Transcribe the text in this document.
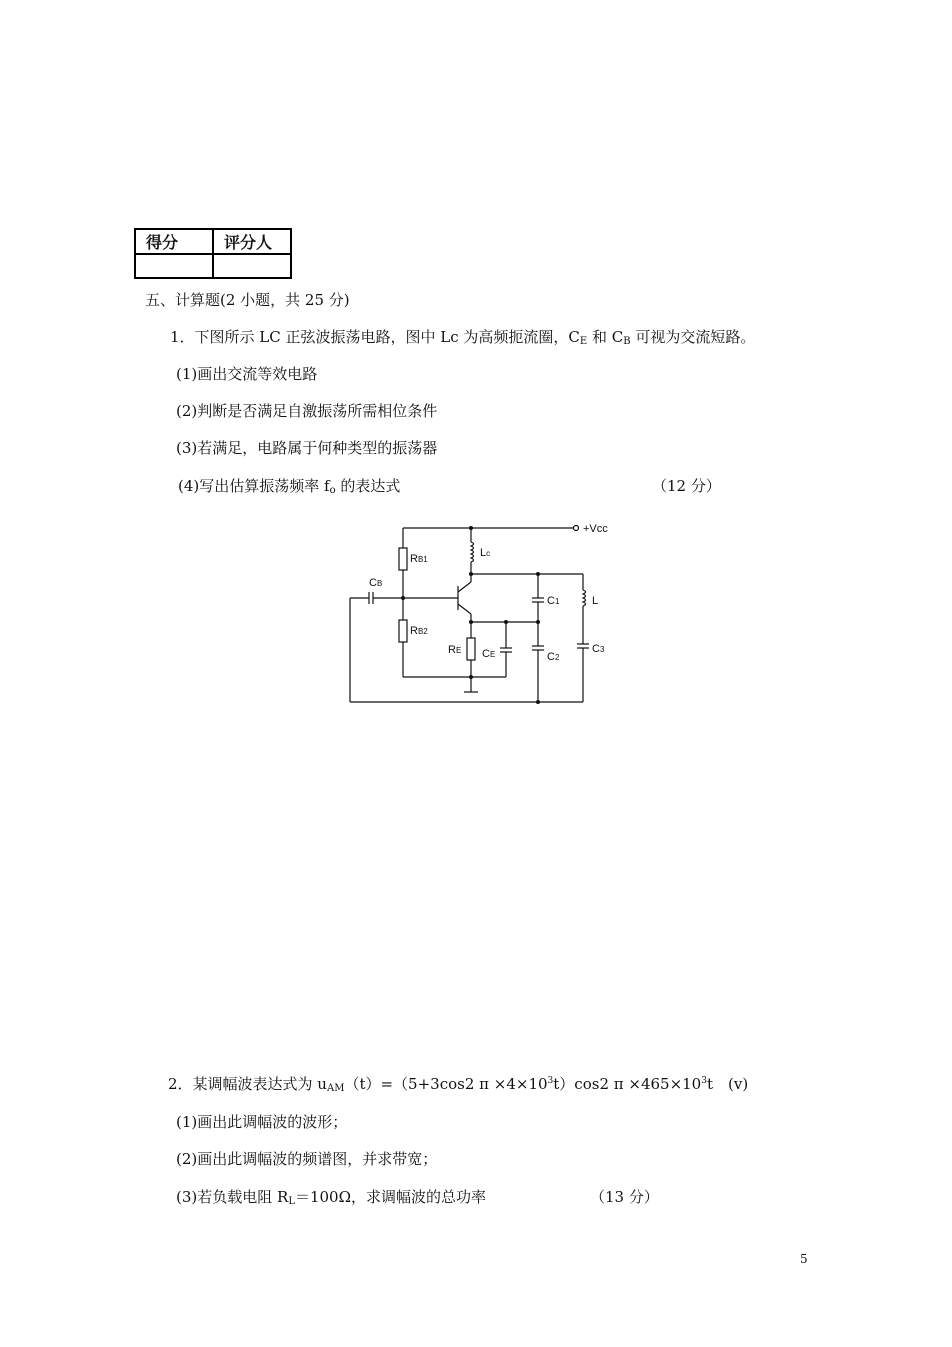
得分	评分人

五、计算题(2 小题，共 25 分)
1．下图所示 LC 正弦波振荡电路，图中 Lc 为高频扼流圈，$C_E$ 和 $C_B$ 可视为交流短路。
(1)画出交流等效电路
(2)判断是否满足自激振荡所需相位条件
(3)若满足，电路属于何种类型的振荡器
(4)写出估算振荡频率 $f_o$ 的表达式	（12 分）
+Vcc
RB1
Lc
CB
C1	L
RB2
RE CE	C2
C3
2．某调幅波表达式为 $u_{AM}(t)=(5+3\cos 2$ $\pi \times 4\times 10^3t)\cos 2$ $\pi \times 465\times 10^3t$　(v)
(1)画出此调幅波的波形；
(2)画出此调幅波的频谱图，并求带宽；
(3)若负载电阻 $R_L=100\Omega$，求调幅波的总功率	（13 分）
5
